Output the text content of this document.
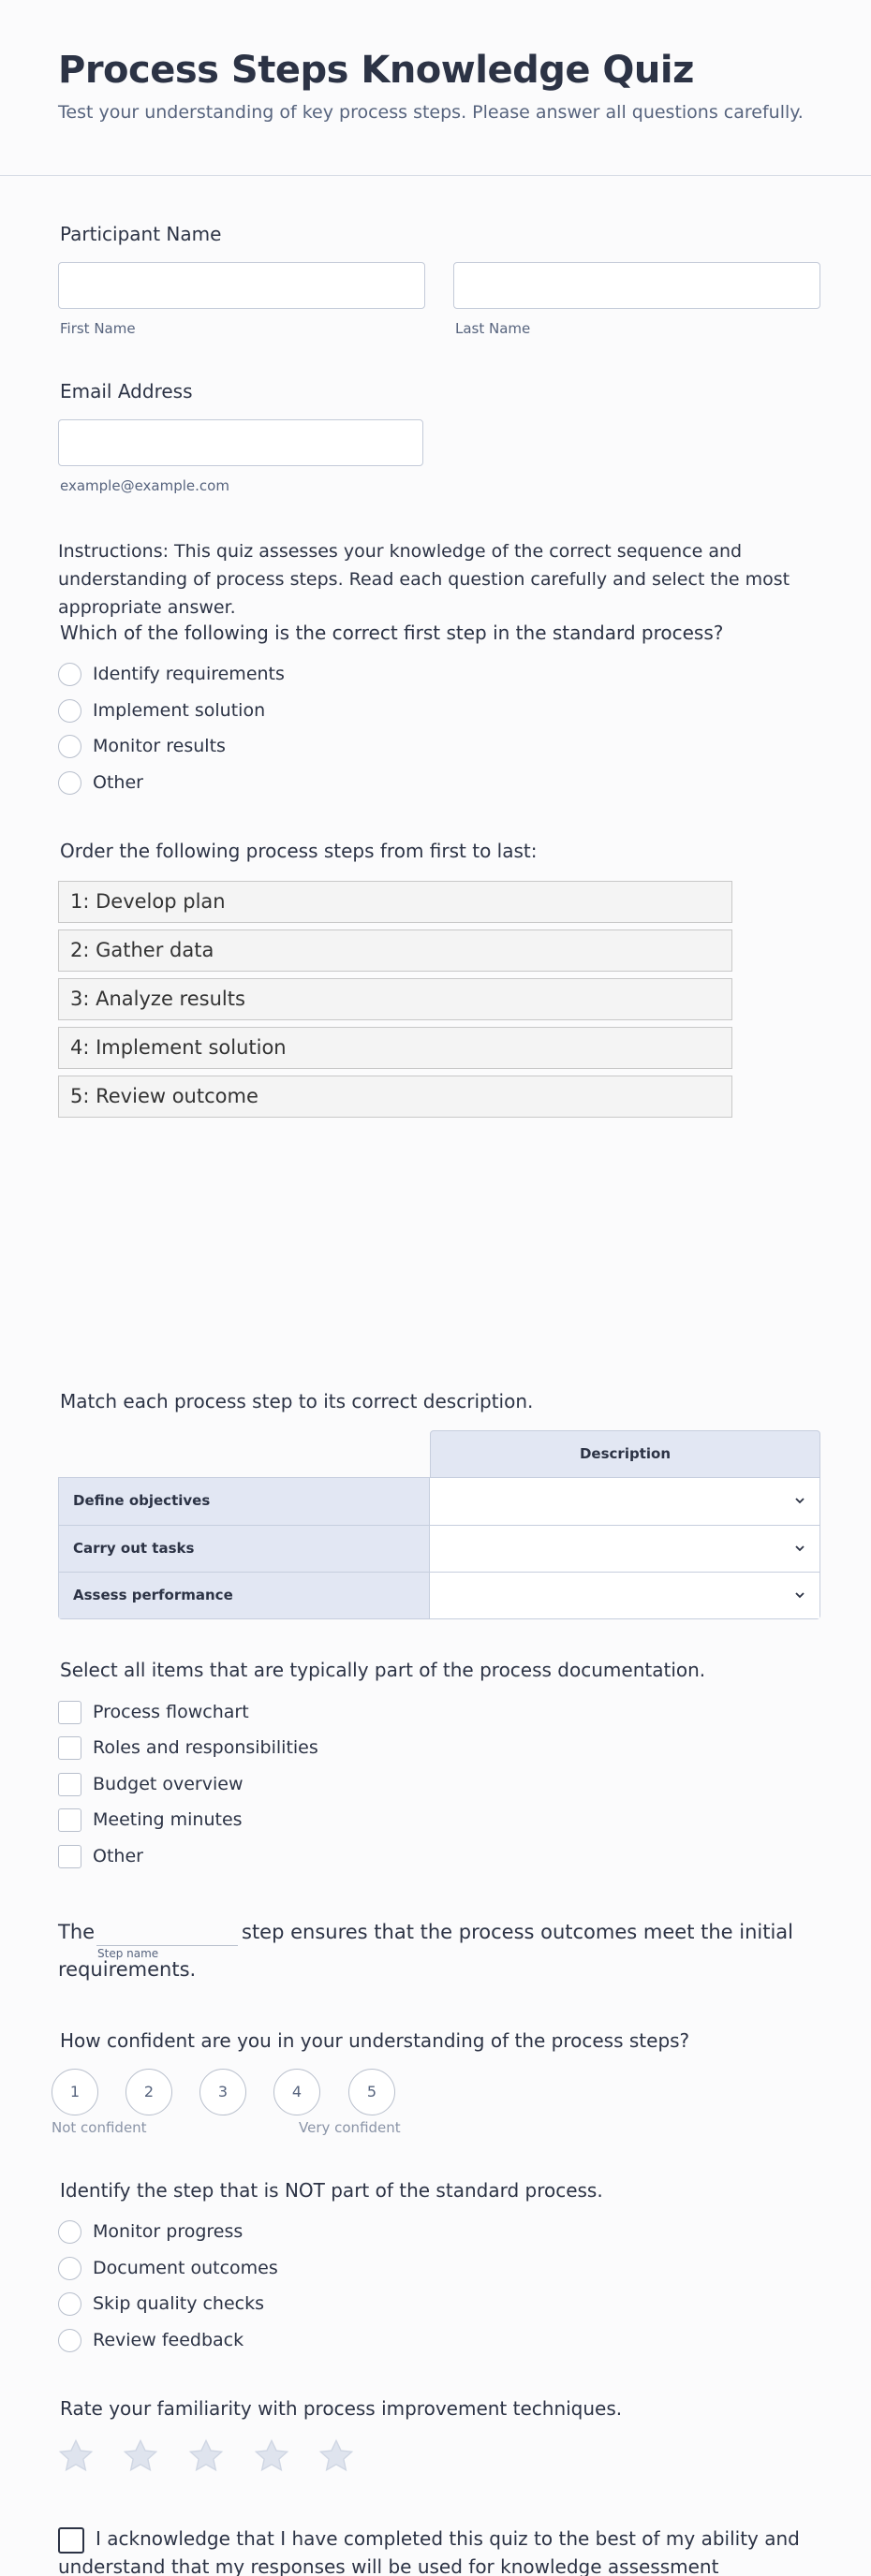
Process Steps Knowledge Quiz
Test your understanding of key process steps. Please answer all questions carefully.
Participant Name
First Name	Last Name
Email Address
example@example.com
Instructions: This quiz assesses your knowledge of the correct sequence and understanding of process steps. Read each question carefully and select the most appropriate answer.
Which of the following is the correct first step in the standard process?
Identify requirements
Implement solution
Monitor results
Other
Order the following process steps from first to last:
1: Develop plan
2: Gather data
3: Analyze results
4: Implement solution
5: Review outcome
Match each process step to its correct description.
Description
Define objectives
Carry out tasks
Assess performance
Select all items that are typically part of the process documentation.
Process flowchart
Roles and responsibilities
Budget overview
Meeting minutes
Other
The
Step name
step ensures that the process outcomes meet the initial
requirements.
How confident are you in your understanding of the process steps?
1	2	3	4	5
Not confident	Very confident
Identify the step that is NOT part of the standard process.
Monitor progress
Document outcomes
Skip quality checks
Review feedback
Rate your familiarity with process improvement techniques.
I acknowledge that I have completed this quiz to the best of my ability and understand that my responses will be used for knowledge assessment
